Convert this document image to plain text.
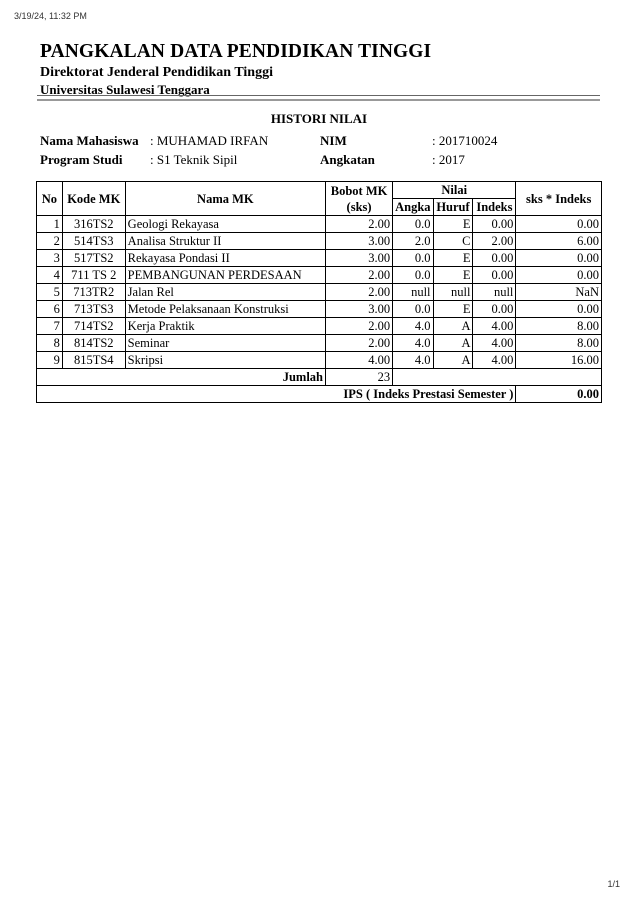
3/19/24, 11:32 PM

PANGKALAN DATA PENDIDIKAN TINGGI

Direktorat Jenderal Pendidikan Tinggi

Universitas Sulawesi Tenggara

HISTORI NILAI
Nama Mahasiswa : MUHAMAD IRFAN	NIM	: 201710024
Program Studi : S1 Teknik Sipil	Angkatan	: 2017
No	Kode MK	Nama MK	Bobot MK (sks)	Nilai			sks * Indeks
				Angka	Huruf	Indeks	
1	316TS2	Geologi Rekayasa	2.00	0.0	E	0.00	0.00
2	514TS3	Analisa Struktur II	3.00	2.0	C	2.00	6.00
3	517TS2	Rekayasa Pondasi II	3.00	0.0	E	0.00	0.00
4	711 TS 2	PEMBANGUNAN PERDESAAN	2.00	0.0	E	0.00	0.00
5	713TR2	Jalan Rel	2.00	null	null	null	NaN
6	713TS3	Metode Pelaksanaan Konstruksi	3.00	0.0	E	0.00	0.00
7	714TS2	Kerja Praktik	2.00	4.0	A	4.00	8.00
8	814TS2	Seminar	2.00	4.0	A	4.00	8.00
9	815TS4	Skripsi	4.00	4.0	A	4.00	16.00
Jumlah			23				
IPS ( Indeks Prestasi Semester )							0.00
1/1
